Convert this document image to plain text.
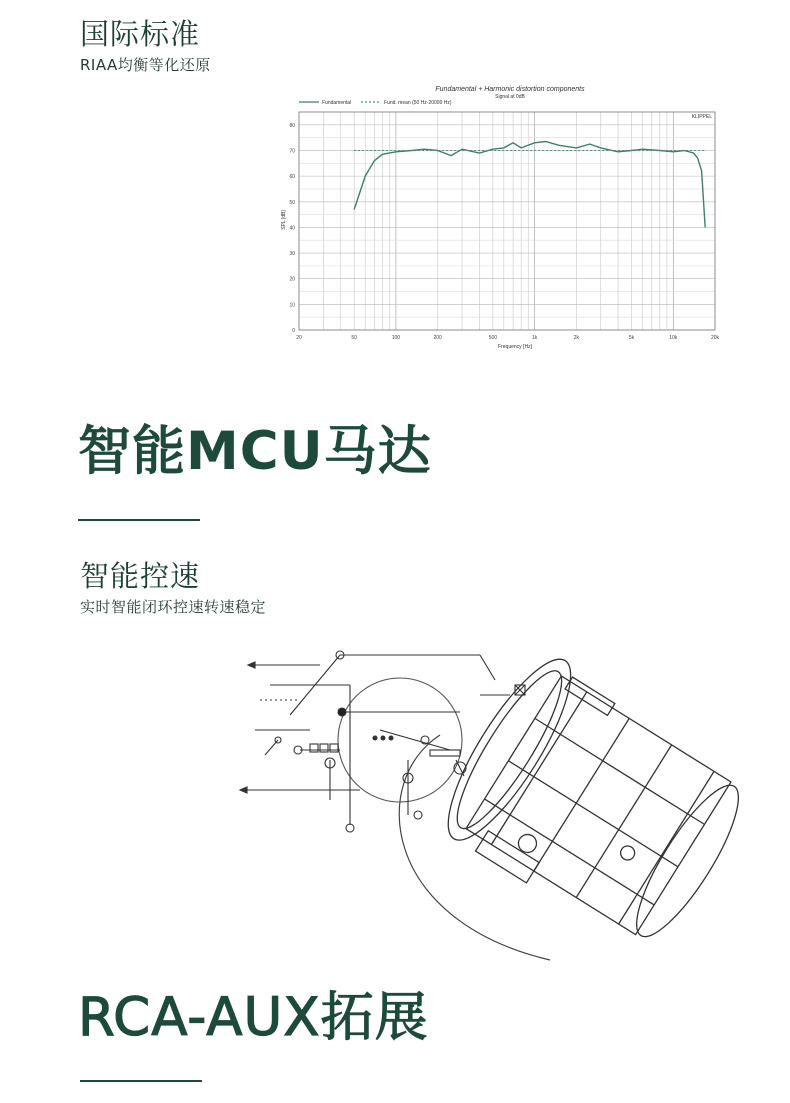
国际标准
RIAA均衡等化还原
Fundamental + Harmonic distortion components
Signal at 0dB
Fundamental	Fund. mean (50 Hz-20000 Hz)
KLIPPEL
0
10
20
30
40
50
60
70
80
20	50	100	200	500	1k	2k	5k	10k	20k
Frequency [Hz]
SPL [dB]
智能MCU马达
智能控速
实时智能闭环控速转速稳定
RCA-AUX拓展
